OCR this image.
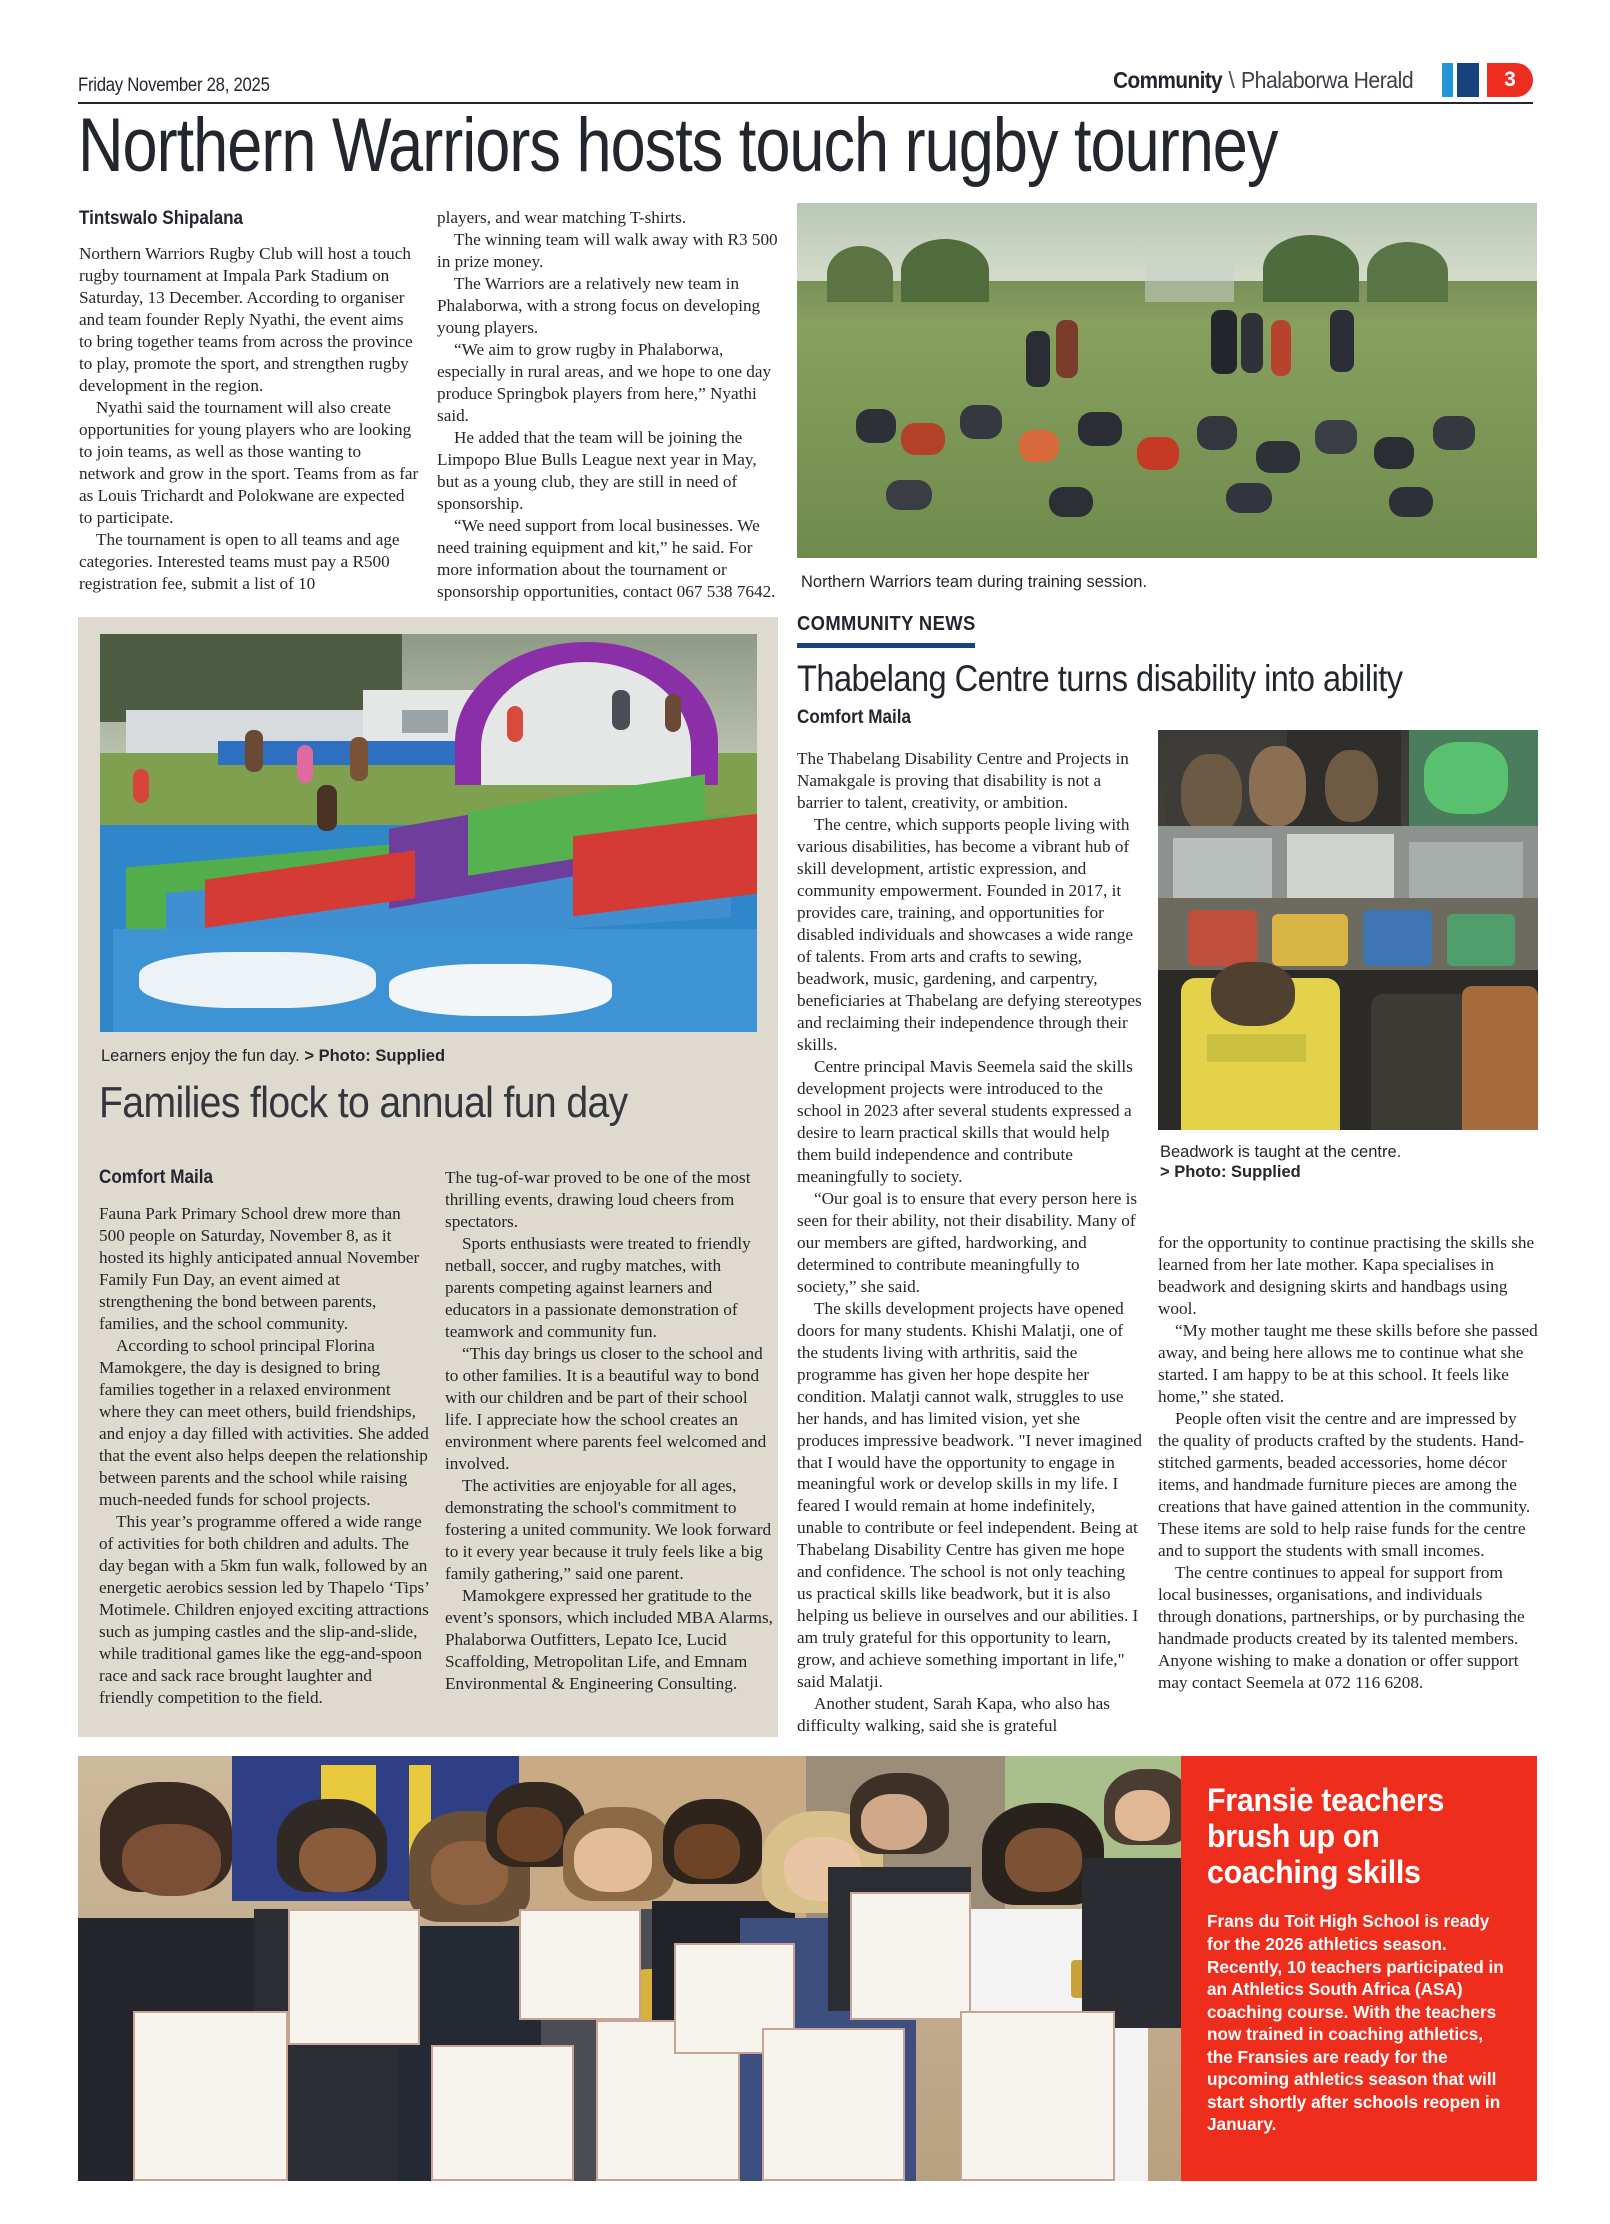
Friday November 28, 2025	Community \ Phalaborwa Herald	3
Northern Warriors hosts touch rugby tourney
Tintswalo Shipalana

Northern Warriors Rugby Club will host a touch rugby tournament at Impala Park Stadium on Saturday, 13 December. According to organiser and team founder Reply Nyathi, the event aims to bring together teams from across the province to play, promote the sport, and strengthen rugby development in the region.

Nyathi said the tournament will also create opportunities for young players who are looking to join teams, as well as those wanting to network and grow in the sport. Teams from as far as Louis Trichardt and Polokwane are expected to participate.

The tournament is open to all teams and age categories. Interested teams must pay a R500 registration fee, submit a list of 10

players, and wear matching T-shirts.

The winning team will walk away with R3 500 in prize money.

The Warriors are a relatively new team in Phalaborwa, with a strong focus on developing young players.

“We aim to grow rugby in Phalaborwa, especially in rural areas, and we hope to one day produce Springbok players from here,” Nyathi said.

He added that the team will be joining the Limpopo Blue Bulls League next year in May, but as a young club, they are still in need of sponsorship.

“We need support from local businesses. We need training equipment and kit,” he said. For more information about the tournament or sponsorship opportunities, contact 067 538 7642. Northern Warriors team during training session.
COMMUNITY NEWS
Thabelang Centre turns disability into ability
Comfort Maila

The Thabelang Disability Centre and Projects in Namakgale is proving that disability is not a barrier to talent, creativity, or ambition.

The centre, which supports people living with various disabilities, has become a vibrant hub of skill development, artistic expression, and community empowerment. Founded in 2017, it provides care, training, and opportunities for disabled individuals and showcases a wide range of talents. From arts and crafts to sewing, beadwork, music, gardening, and carpentry, beneficiaries at Thabelang are defying stereotypes and reclaiming their independence through their skills.

Centre principal Mavis Seemela said the skills development projects were introduced to the school in 2023 after several students expressed a desire to learn practical skills that would help them build independence and contribute meaningfully to society.

“Our goal is to ensure that every person here is seen for their ability, not their disability. Many of our members are gifted, hardworking, and determined to contribute meaningfully to society,” she said.

The skills development projects have opened doors for many students. Khishi Malatji, one of the students living with arthritis, said the programme has given her hope despite her condition. Malatji cannot walk, struggles to use her hands, and has limited vision, yet she produces impressive beadwork. "I never imagined that I would have the opportunity to engage in meaningful work or develop skills in my life. I feared I would remain at home indefinitely, unable to contribute or feel independent. Being at Thabelang Disability Centre has given me hope and confidence. The school is not only teaching us practical skills like beadwork, but it is also helping us believe in ourselves and our abilities. I am truly grateful for this opportunity to learn, grow, and achieve something important in life," said Malatji.

Another student, Sarah Kapa, who also has difficulty walking, said she is grateful

Beadwork is taught at the centre.
> Photo: Supplied

for the opportunity to continue practising the skills she learned from her late mother. Kapa specialises in beadwork and designing skirts and handbags using wool.

“My mother taught me these skills before she passed away, and being here allows me to continue what she started. I am happy to be at this school. It feels like home,” she stated.

People often visit the centre and are impressed by the quality of products crafted by the students. Hand-stitched garments, beaded accessories, home décor items, and handmade furniture pieces are among the creations that have gained attention in the community. These items are sold to help raise funds for the centre and to support the students with small incomes.

The centre continues to appeal for support from local businesses, organisations, and individuals through donations, partnerships, or by purchasing the handmade products created by its talented members. Anyone wishing to make a donation or offer support may contact Seemela at 072 116 6208.

Learners enjoy the fun day. > Photo: Supplied
Families flock to annual fun day
Comfort Maila

Fauna Park Primary School drew more than 500 people on Saturday, November 8, as it hosted its highly anticipated annual November Family Fun Day, an event aimed at strengthening the bond between parents, families, and the school community.

According to school principal Florina Mamokgere, the day is designed to bring families together in a relaxed environment where they can meet others, build friendships, and enjoy a day filled with activities. She added that the event also helps deepen the relationship between parents and the school while raising much-needed funds for school projects.

This year’s programme offered a wide range of activities for both children and adults. The day began with a 5km fun walk, followed by an energetic aerobics session led by Thapelo ‘Tips’ Motimele. Children enjoyed exciting attractions such as jumping castles and the slip-and-slide, while traditional games like the egg-and-spoon race and sack race brought laughter and friendly competition to the field.

The tug-of-war proved to be one of the most thrilling events, drawing loud cheers from spectators.

Sports enthusiasts were treated to friendly netball, soccer, and rugby matches, with parents competing against learners and educators in a passionate demonstration of teamwork and community fun.

“This day brings us closer to the school and to other families. It is a beautiful way to bond with our children and be part of their school life. I appreciate how the school creates an environment where parents feel welcomed and involved.

The activities are enjoyable for all ages, demonstrating the school's commitment to fostering a united community. We look forward to it every year because it truly feels like a big family gathering,” said one parent.

Mamokgere expressed her gratitude to the event’s sponsors, which included MBA Alarms, Phalaborwa Outfitters, Lepato Ice, Lucid Scaffolding, Metropolitan Life, and Emnam Environmental & Engineering Consulting.

Fransie teachers brush up on coaching skills
Frans du Toit High School is ready for the 2026 athletics season. Recently, 10 teachers participated in an Athletics South Africa (ASA) coaching course. With the teachers now trained in coaching athletics, the Fransies are ready for the upcoming athletics season that will start shortly after schools reopen in January.
